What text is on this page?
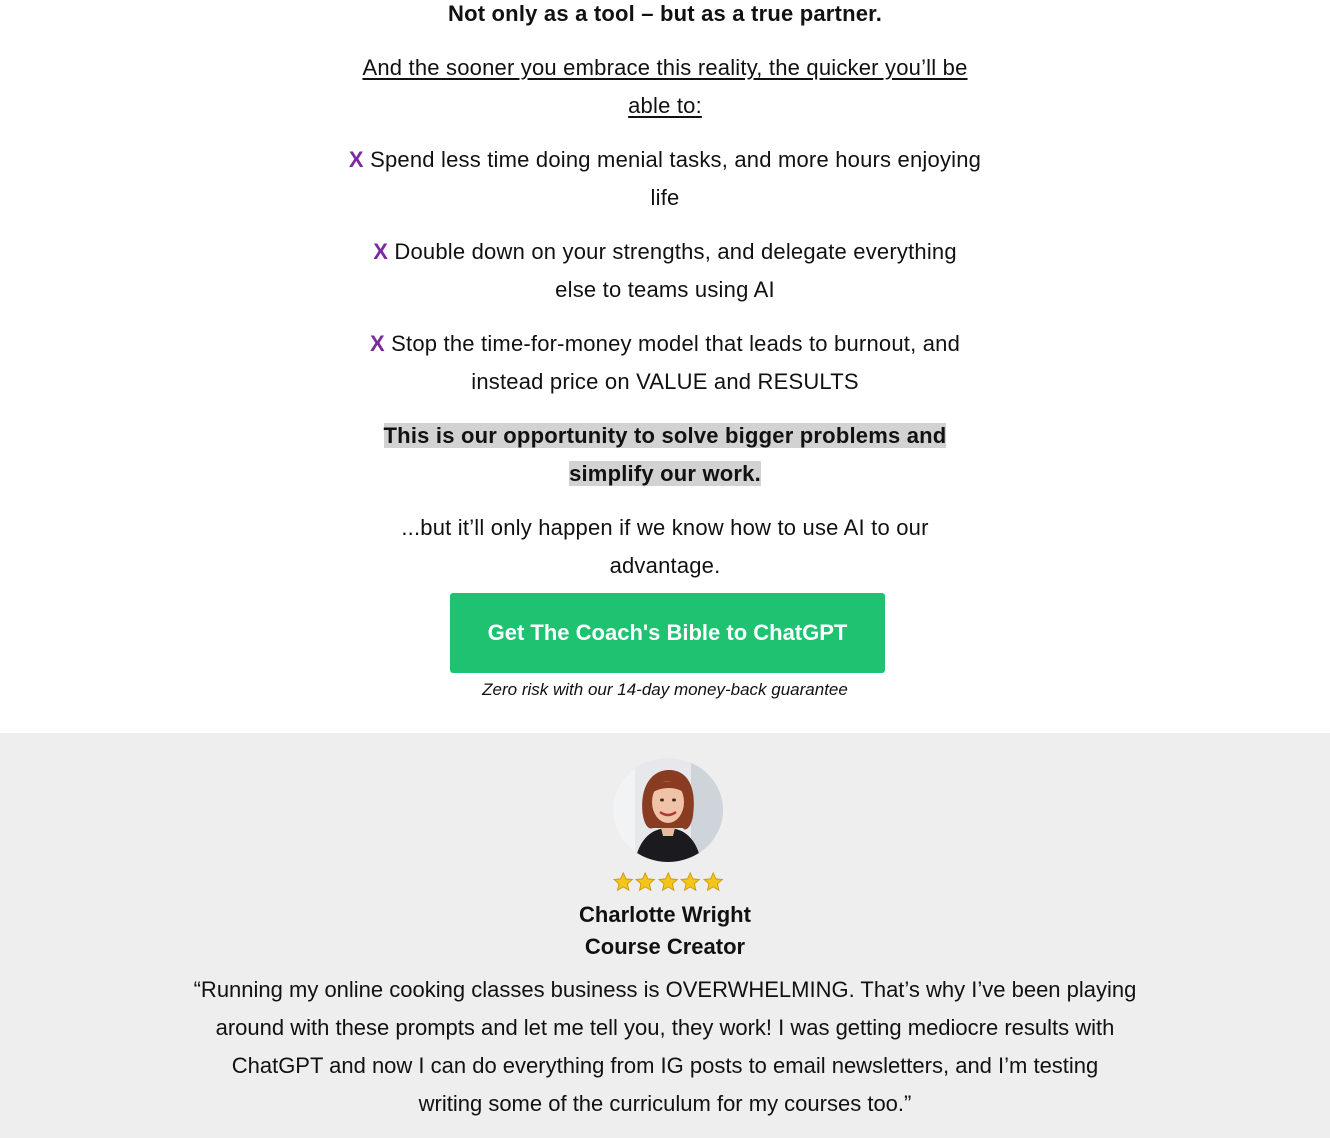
Not only as a tool – but as a true partner.
And the sooner you embrace this reality, the quicker you’ll be
able to:
X Spend less time doing menial tasks, and more hours enjoying
life
X Double down on your strengths, and delegate everything
else to teams using AI
X Stop the time-for-money model that leads to burnout, and
instead price on VALUE and RESULTS
This is our opportunity to solve bigger problems and
simplify our work.
...but it’ll only happen if we know how to use AI to our
advantage.
Get The Coach's Bible to ChatGPT
Zero risk with our 14-day money-back guarantee
Charlotte Wright
Course Creator
“Running my online cooking classes business is OVERWHELMING. That’s why I’ve been playing
around with these prompts and let me tell you, they work! I was getting mediocre results with
ChatGPT and now I can do everything from IG posts to email newsletters, and I’m testing
writing some of the curriculum for my courses too.”
